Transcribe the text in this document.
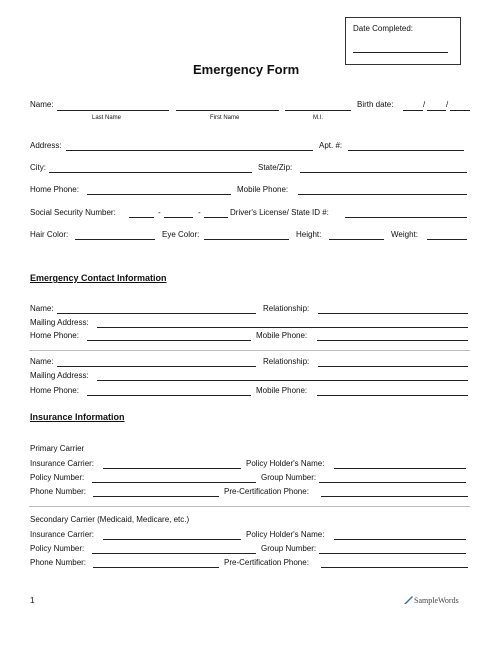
Date Completed:
Emergency Form
Name:	Birth date:	/	/
Last Name	First Name	M.I.
Address:	Apt. #:
City:	State/Zip:
Home Phone:	Mobile Phone:
Social Security Number:	-	-	Driver's License/ State ID #:
Hair Color:	Eye Color:	Height:	Weight:
Emergency Contact Information
Name:	Relationship:
Mailing Address:
Home Phone:	Mobile Phone:
Name:	Relationship:
Mailing Address:
Home Phone:	Mobile Phone:
Insurance Information
Primary Carrier
Insurance Carrier:	Policy Holder's Name:
Policy Number:	Group Number:
Phone Number:	Pre-Certification Phone:
Secondary Carrier (Medicaid, Medicare, etc.)
Insurance Carrier:	Policy Holder's Name:
Policy Number:	Group Number:
Phone Number:	Pre-Certification Phone:
1	SampleWords
